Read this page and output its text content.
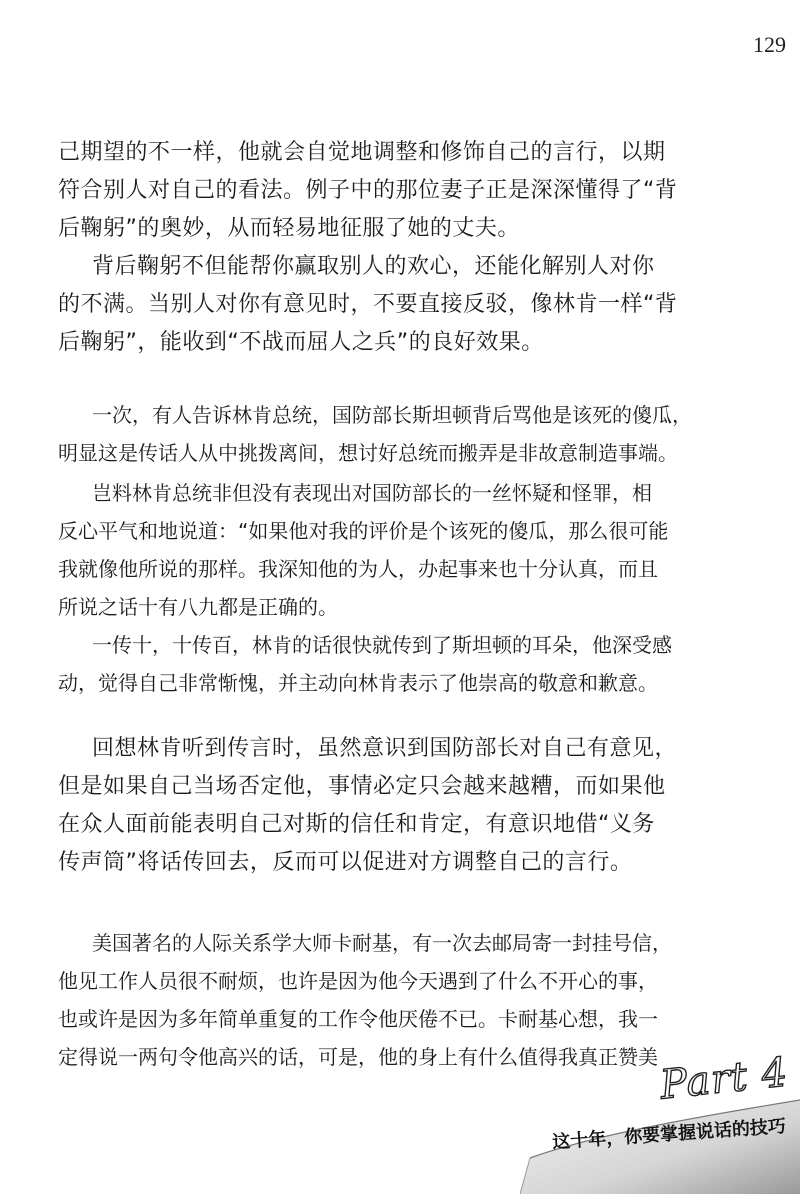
129
己期望的不一样，他就会自觉地调整和修饰自己的言行，以期
符合别人对自己的看法。例子中的那位妻子正是深深懂得了“背
后鞠躬”的奥妙，从而轻易地征服了她的丈夫。
背后鞠躬不但能帮你赢取别人的欢心，还能化解别人对你
的不满。当别人对你有意见时，不要直接反驳，像林肯一样“背
后鞠躬”，能收到“不战而屈人之兵”的良好效果。
一次，有人告诉林肯总统，国防部长斯坦顿背后骂他是该死的傻瓜，
明显这是传话人从中挑拨离间，想讨好总统而搬弄是非故意制造事端。
岂料林肯总统非但没有表现出对国防部长的一丝怀疑和怪罪，相
反心平气和地说道：“如果他对我的评价是个该死的傻瓜，那么很可能
我就像他所说的那样。我深知他的为人，办起事来也十分认真，而且
所说之话十有八九都是正确的。
一传十，十传百，林肯的话很快就传到了斯坦顿的耳朵，他深受感
动，觉得自己非常惭愧，并主动向林肯表示了他崇高的敬意和歉意。
回想林肯听到传言时，虽然意识到国防部长对自己有意见，
但是如果自己当场否定他，事情必定只会越来越糟，而如果他
在众人面前能表明自己对斯的信任和肯定，有意识地借“义务
传声筒”将话传回去，反而可以促进对方调整自己的言行。
美国著名的人际关系学大师卡耐基，有一次去邮局寄一封挂号信，
他见工作人员很不耐烦，也许是因为他今天遇到了什么不开心的事，
也或许是因为多年简单重复的工作令他厌倦不已。卡耐基心想，我一
定得说一两句令他高兴的话，可是，他的身上有什么值得我真正赞美 Part 4
这十年，你要掌握说话的技巧
